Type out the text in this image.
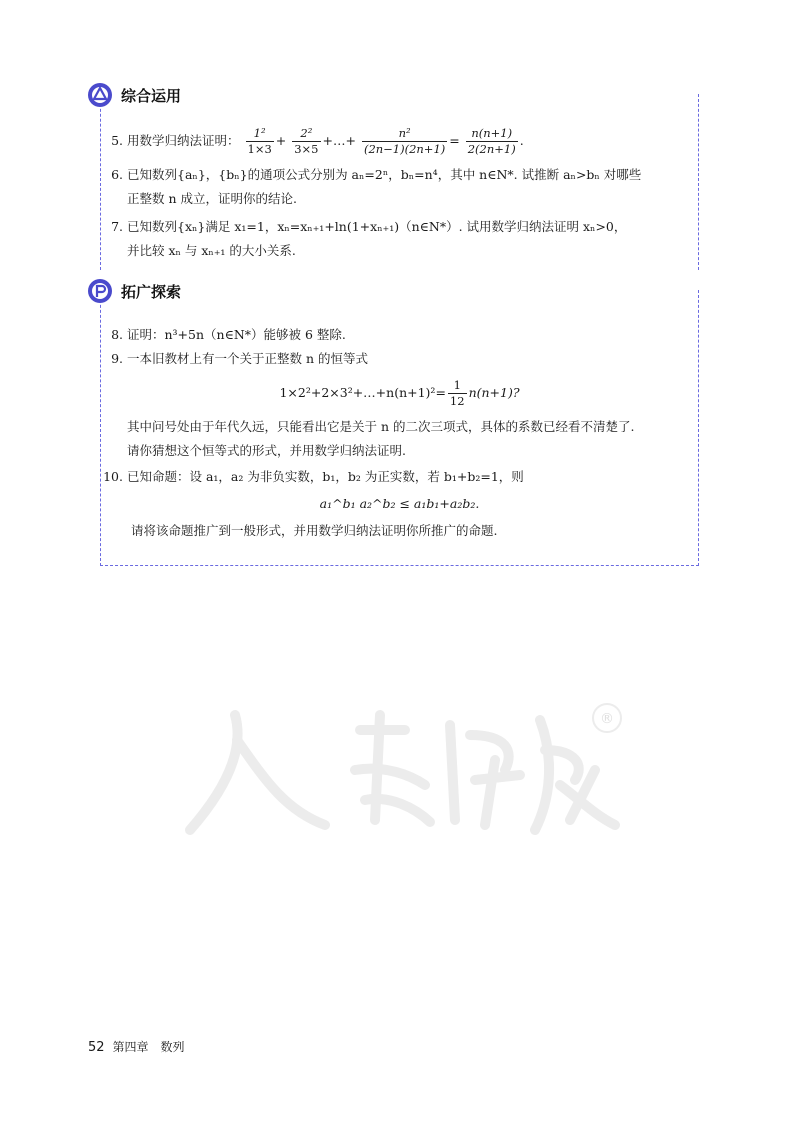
综合运用
5. 用数学归纳法证明： $\frac{\text{1²}}{1\times 3} + \frac{\text{2²}}{3\times 5}$ +…+ $\frac{\text{n²}}{(2n-1)(2n+1)} = \frac{n(n+1)}{2(2n+1)}$ .
6. 已知数列{aₙ}，{bₙ}的通项公式分别为 aₙ=2ⁿ，bₙ=n⁴，其中 n∈N*. 试推断 aₙ>bₙ 对哪些
正整数 n 成立，证明你的结论.
7. 已知数列{xₙ}满足 x₁=1，xₙ=xₙ₊₁+ln(1+xₙ₊₁)（n∈N*）. 试用数学归纳法证明 xₙ>0，
并比较 xₙ 与 xₙ₊₁ 的大小关系.
拓广探索
8. 证明：n³+5n（n∈N*）能够被 6 整除.
9. 一本旧教材上有一个关于正整数 n 的恒等式
1×2²+2×3²+…+n(n+1)²= $\frac{1}{12} n(n+1)$?
其中问号处由于年代久远，只能看出它是关于 n 的二次三项式，具体的系数已经看不清楚了.
请你猜想这个恒等式的形式，并用数学归纳法证明.
10. 已知命题：设 a₁，a₂ 为非负实数，b₁，b₂ 为正实数，若 b₁+b₂=1，则
a₁^b₁ a₂^b₂ ≤ a₁b₁+a₂b₂.
请将该命题推广到一般形式，并用数学归纳法证明你所推广的命题.
®
52 第四章　数列
